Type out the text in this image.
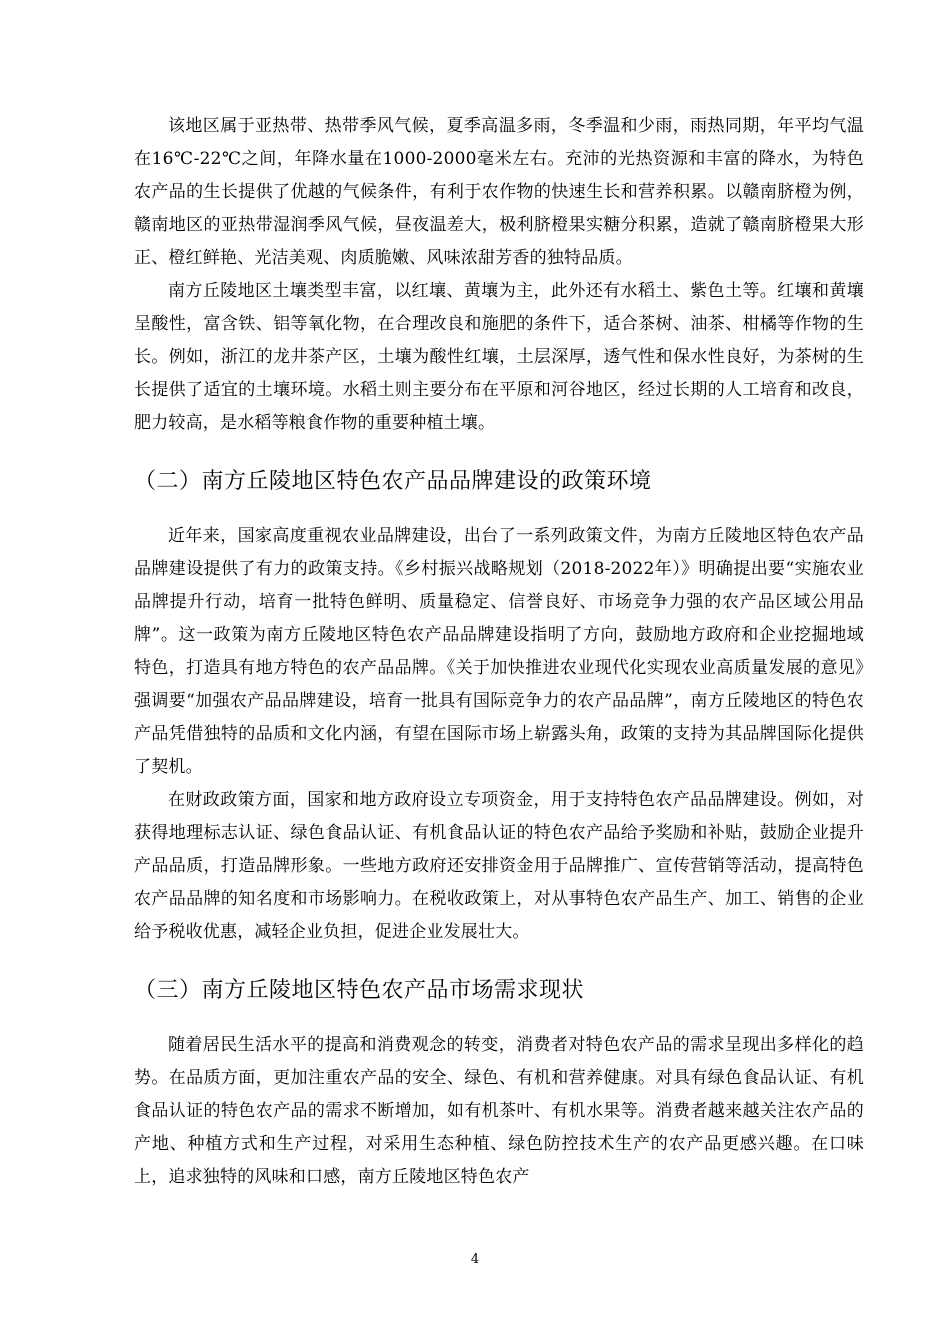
该地区属于亚热带、热带季风气候，夏季高温多雨，冬季温和少雨，雨热同期，年平均气温在16℃-22℃之间，年降水量在1000-2000毫米左右。充沛的光热资源和丰富的降水，为特色农产品的生长提供了优越的气候条件，有利于农作物的快速生长和营养积累。以赣南脐橙为例，赣南地区的亚热带湿润季风气候，昼夜温差大，极利脐橙果实糖分积累，造就了赣南脐橙果大形正、橙红鲜艳、光洁美观、肉质脆嫩、风味浓甜芳香的独特品质。

南方丘陵地区土壤类型丰富，以红壤、黄壤为主，此外还有水稻土、紫色土等。红壤和黄壤呈酸性，富含铁、铝等氧化物，在合理改良和施肥的条件下，适合茶树、油茶、柑橘等作物的生长。例如，浙江的龙井茶产区，土壤为酸性红壤，土层深厚，透气性和保水性良好，为茶树的生长提供了适宜的土壤环境。水稻土则主要分布在平原和河谷地区，经过长期的人工培育和改良，肥力较高，是水稻等粮食作物的重要种植土壤。

（二）南方丘陵地区特色农产品品牌建设的政策环境

近年来，国家高度重视农业品牌建设，出台了一系列政策文件，为南方丘陵地区特色农产品品牌建设提供了有力的政策支持。《乡村振兴战略规划（2018-2022年）》明确提出要“实施农业品牌提升行动，培育一批特色鲜明、质量稳定、信誉良好、市场竞争力强的农产品区域公用品牌”。这一政策为南方丘陵地区特色农产品品牌建设指明了方向，鼓励地方政府和企业挖掘地域特色，打造具有地方特色的农产品品牌。《关于加快推进农业现代化实现农业高质量发展的意见》强调要“加强农产品品牌建设，培育一批具有国际竞争力的农产品品牌”，南方丘陵地区的特色农产品凭借独特的品质和文化内涵，有望在国际市场上崭露头角，政策的支持为其品牌国际化提供了契机。

在财政政策方面，国家和地方政府设立专项资金，用于支持特色农产品品牌建设。例如，对获得地理标志认证、绿色食品认证、有机食品认证的特色农产品给予奖励和补贴，鼓励企业提升产品品质，打造品牌形象。一些地方政府还安排资金用于品牌推广、宣传营销等活动，提高特色农产品品牌的知名度和市场影响力。在税收政策上，对从事特色农产品生产、加工、销售的企业给予税收优惠，减轻企业负担，促进企业发展壮大。

（三）南方丘陵地区特色农产品市场需求现状

随着居民生活水平的提高和消费观念的转变，消费者对特色农产品的需求呈现出多样化的趋势。在品质方面，更加注重农产品的安全、绿色、有机和营养健康。对具有绿色食品认证、有机食品认证的特色农产品的需求不断增加，如有机茶叶、有机水果等。消费者越来越关注农产品的产地、种植方式和生产过程，对采用生态种植、绿色防控技术生产的农产品更感兴趣。在口味上，追求独特的风味和口感，南方丘陵地区特色农产

4
